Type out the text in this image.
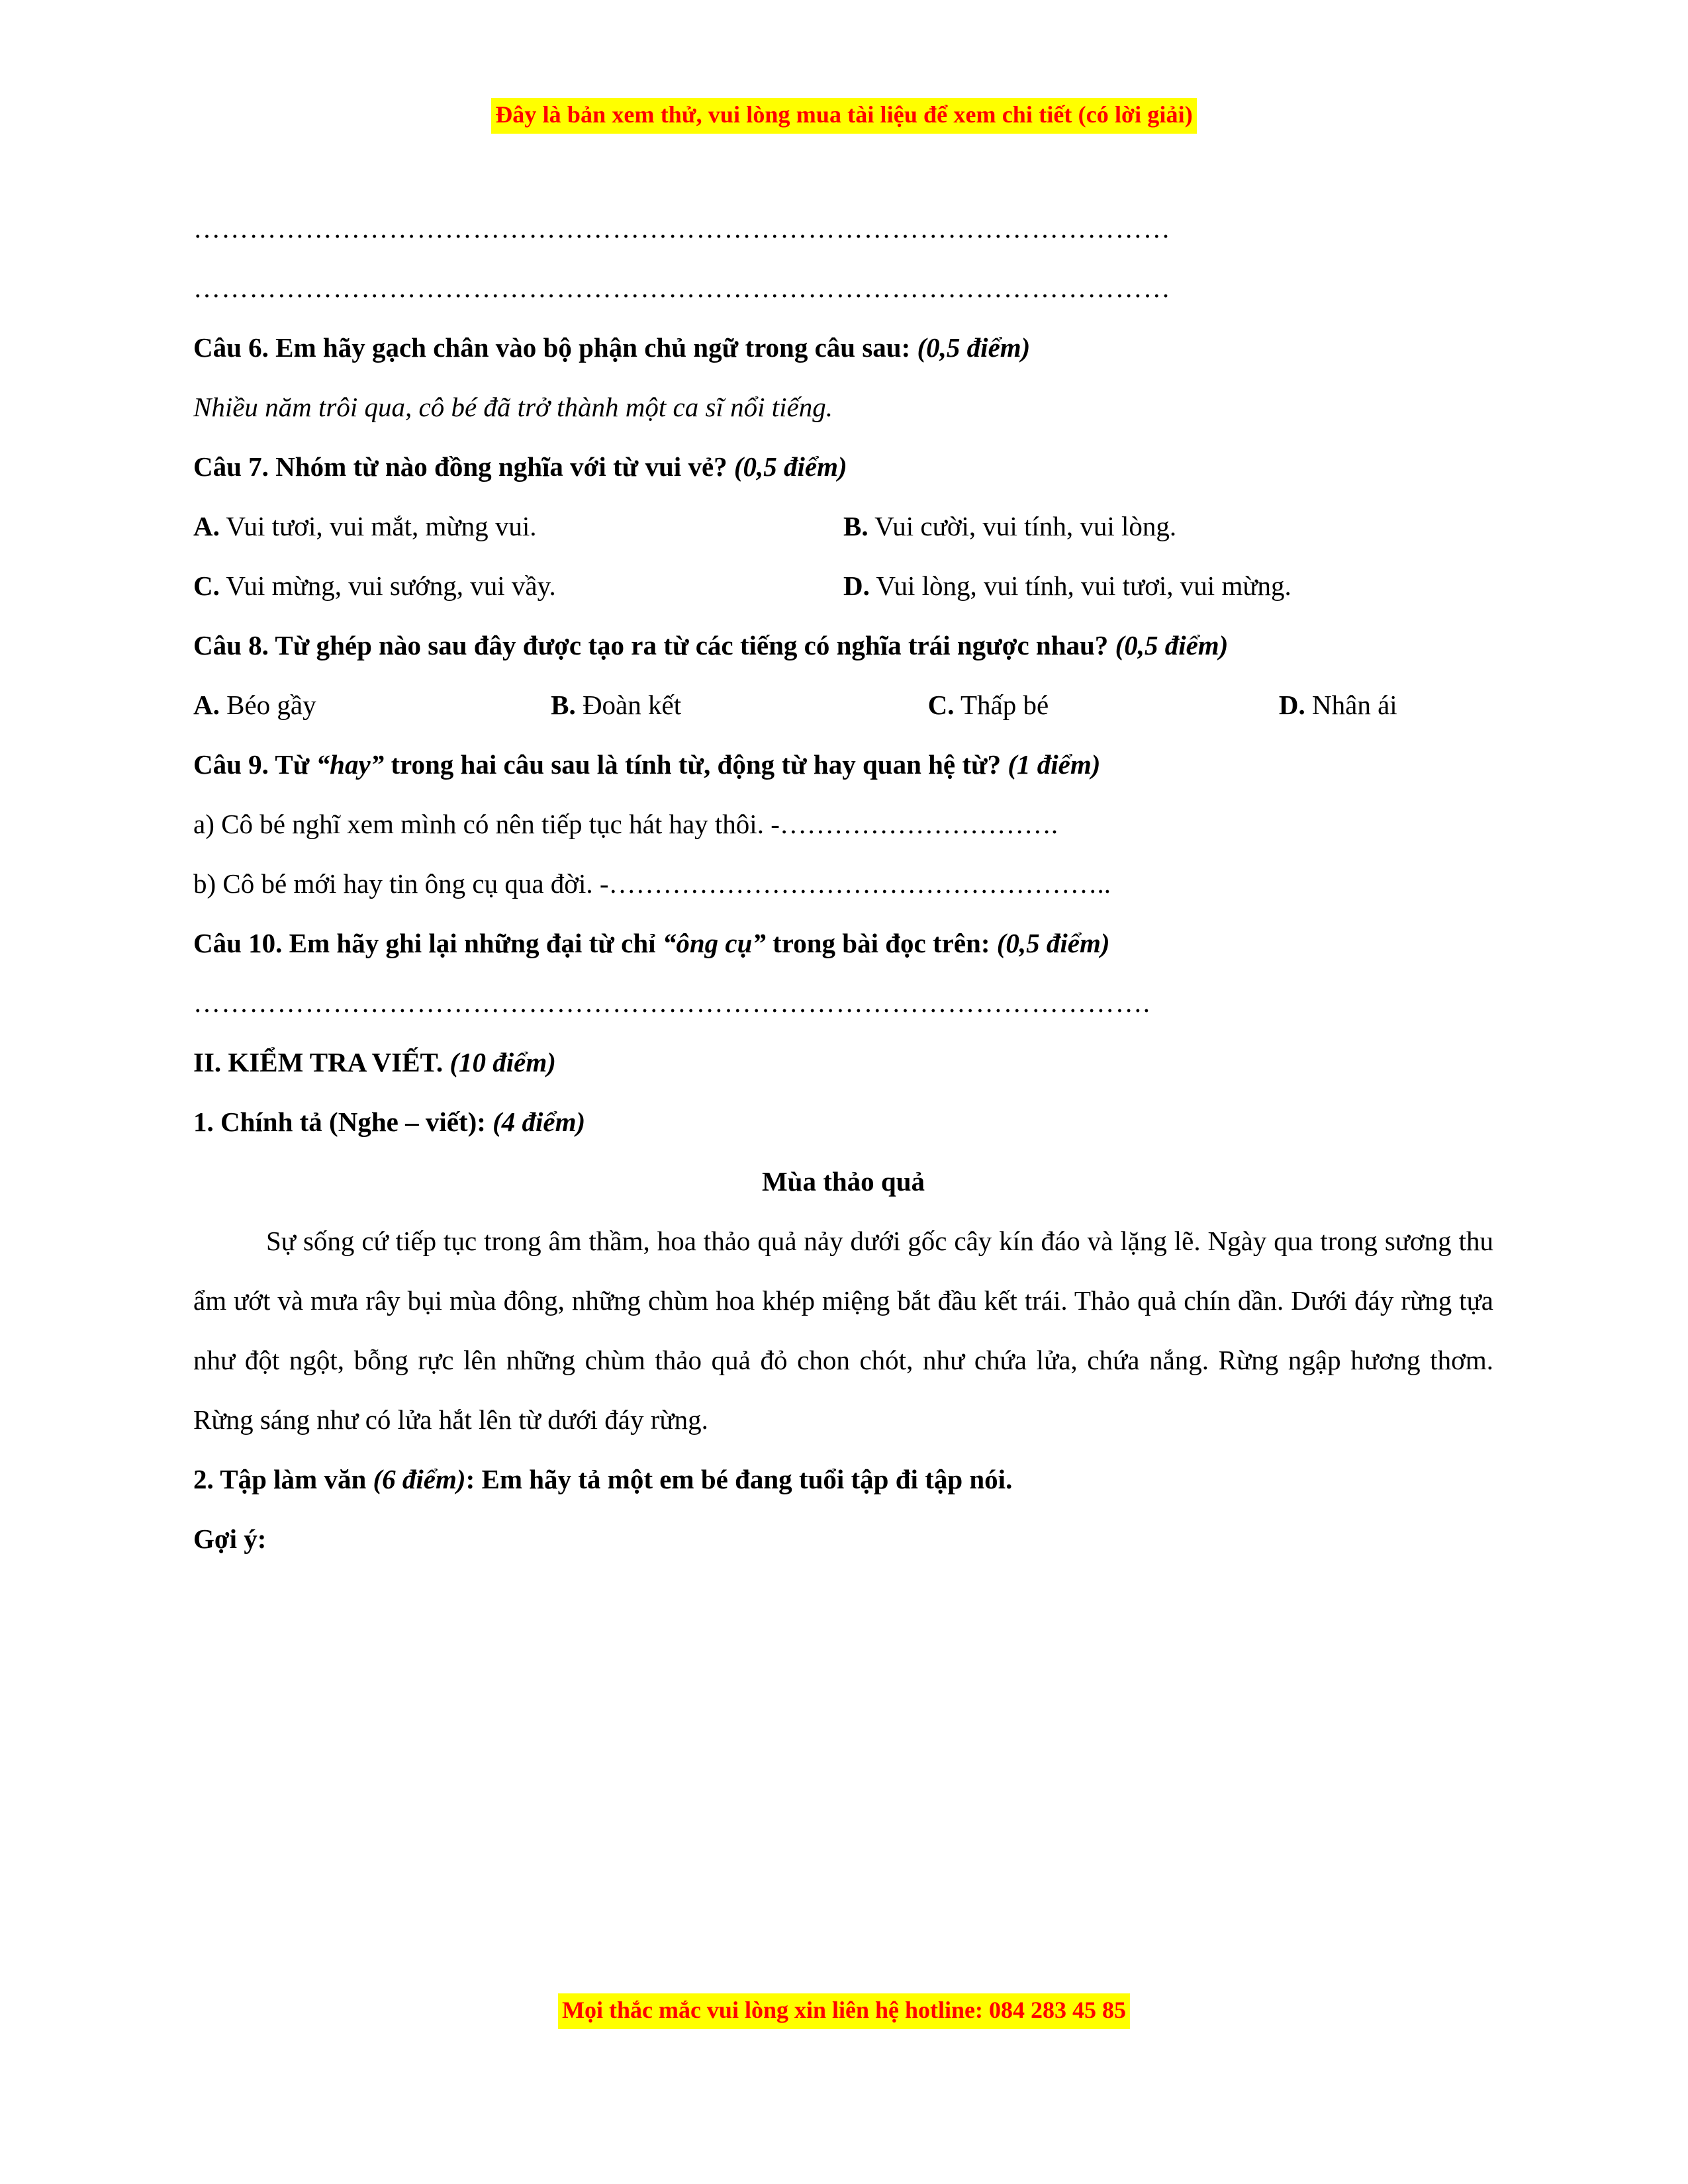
Đây là bản xem thử, vui lòng mua tài liệu để xem chi tiết (có lời giải)

……………………………………………………………………………………………

……………………………………………………………………………………………

Câu 6. Em hãy gạch chân vào bộ phận chủ ngữ trong câu sau: (0,5 điểm)

Nhiều năm trôi qua, cô bé đã trở thành một ca sĩ nổi tiếng.

Câu 7. Nhóm từ nào đồng nghĩa với từ vui vẻ? (0,5 điểm)

A. Vui tươi, vui mắt, mừng vui.	B. Vui cười, vui tính, vui lòng.
C. Vui mừng, vui sướng, vui vầy.	D. Vui lòng, vui tính, vui tươi, vui mừng.

Câu 8. Từ ghép nào sau đây được tạo ra từ các tiếng có nghĩa trái ngược nhau? (0,5 điểm)

A. Béo gầy	B. Đoàn kết	C. Thấp bé	D. Nhân ái

Câu 9. Từ “hay” trong hai câu sau là tính từ, động từ hay quan hệ từ? (1 điểm)

a) Cô bé nghĩ xem mình có nên tiếp tục hát hay thôi. -………………………….

b) Cô bé mới hay tin ông cụ qua đời. -………………………………………………..

Câu 10. Em hãy ghi lại những đại từ chỉ “ông cụ” trong bài đọc trên: (0,5 điểm)

………………………………………………………………………………………….

II. KIỂM TRA VIẾT. (10 điểm)

1. Chính tả (Nghe – viết): (4 điểm)

Mùa thảo quả

Sự sống cứ tiếp tục trong âm thầm, hoa thảo quả nảy dưới gốc cây kín đáo và lặng lẽ. Ngày qua trong sương thu ẩm ướt và mưa rây bụi mùa đông, những chùm hoa khép miệng bắt đầu kết trái. Thảo quả chín dần. Dưới đáy rừng tựa như đột ngột, bỗng rực lên những chùm thảo quả đỏ chon chót, như chứa lửa, chứa nắng. Rừng ngập hương thơm. Rừng sáng như có lửa hắt lên từ dưới đáy rừng.

2. Tập làm văn (6 điểm): Em hãy tả một em bé đang tuổi tập đi tập nói.

Gợi ý:

Mọi thắc mắc vui lòng xin liên hệ hotline: 084 283 45 85
